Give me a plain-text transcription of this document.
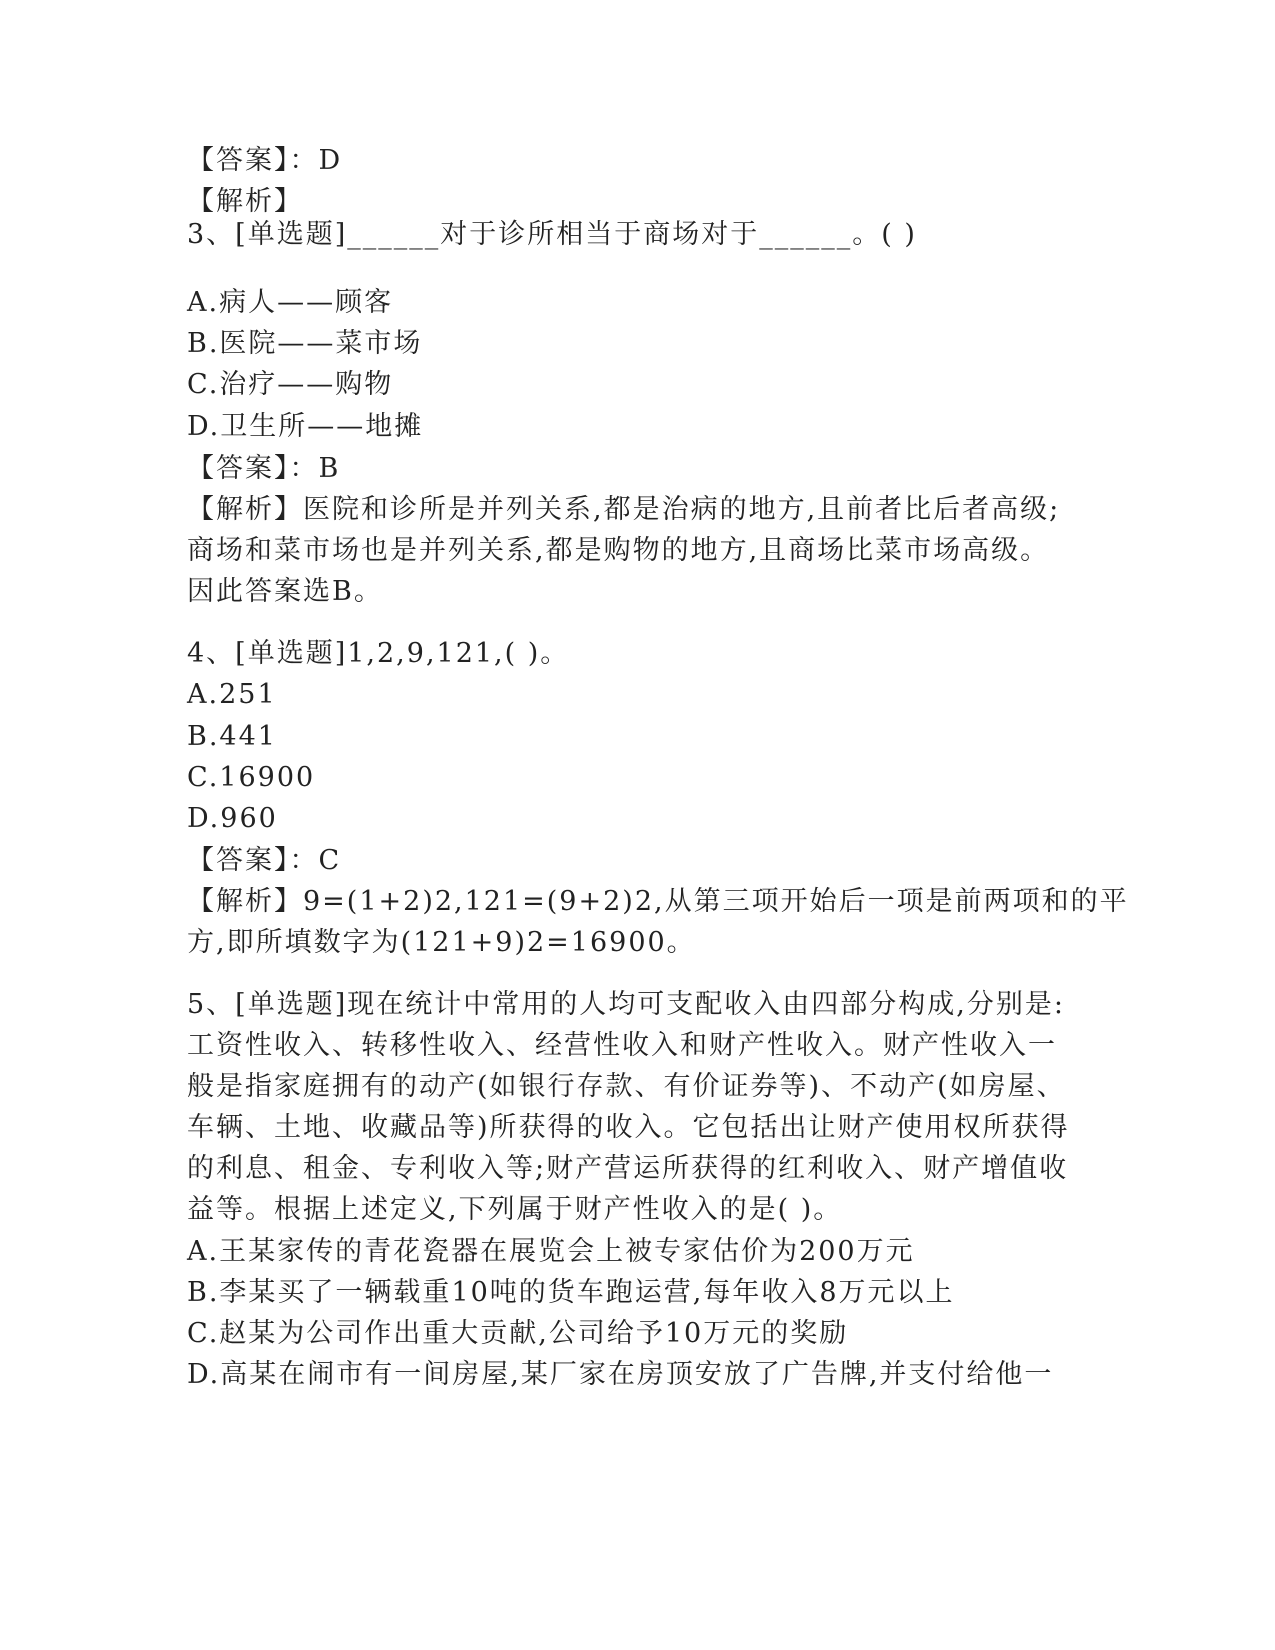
【答案】：D
【解析】
3、[单选题]______对于诊所相当于商场对于______。( )
A.病人——顾客
B.医院——菜市场
C.治疗——购物
D.卫生所——地摊
【答案】：B
【解析】医院和诊所是并列关系,都是治病的地方,且前者比后者高级;
商场和菜市场也是并列关系,都是购物的地方,且商场比菜市场高级。
因此答案选B。
4、[单选题]1,2,9,121,( )。
A.251
B.441
C.16900
D.960
【答案】：C
【解析】9=(1+2)2,121=(9+2)2,从第三项开始后一项是前两项和的平
方,即所填数字为(121+9)2=16900。
5、[单选题]现在统计中常用的人均可支配收入由四部分构成,分别是:
工资性收入、转移性收入、经营性收入和财产性收入。财产性收入一
般是指家庭拥有的动产(如银行存款、有价证券等)、不动产(如房屋、
车辆、土地、收藏品等)所获得的收入。它包括出让财产使用权所获得
的利息、租金、专利收入等;财产营运所获得的红利收入、财产增值收
益等。根据上述定义,下列属于财产性收入的是( )。
A.王某家传的青花瓷器在展览会上被专家估价为200万元
B.李某买了一辆载重10吨的货车跑运营,每年收入8万元以上
C.赵某为公司作出重大贡献,公司给予10万元的奖励
D.高某在闹市有一间房屋,某厂家在房顶安放了广告牌,并支付给他一
